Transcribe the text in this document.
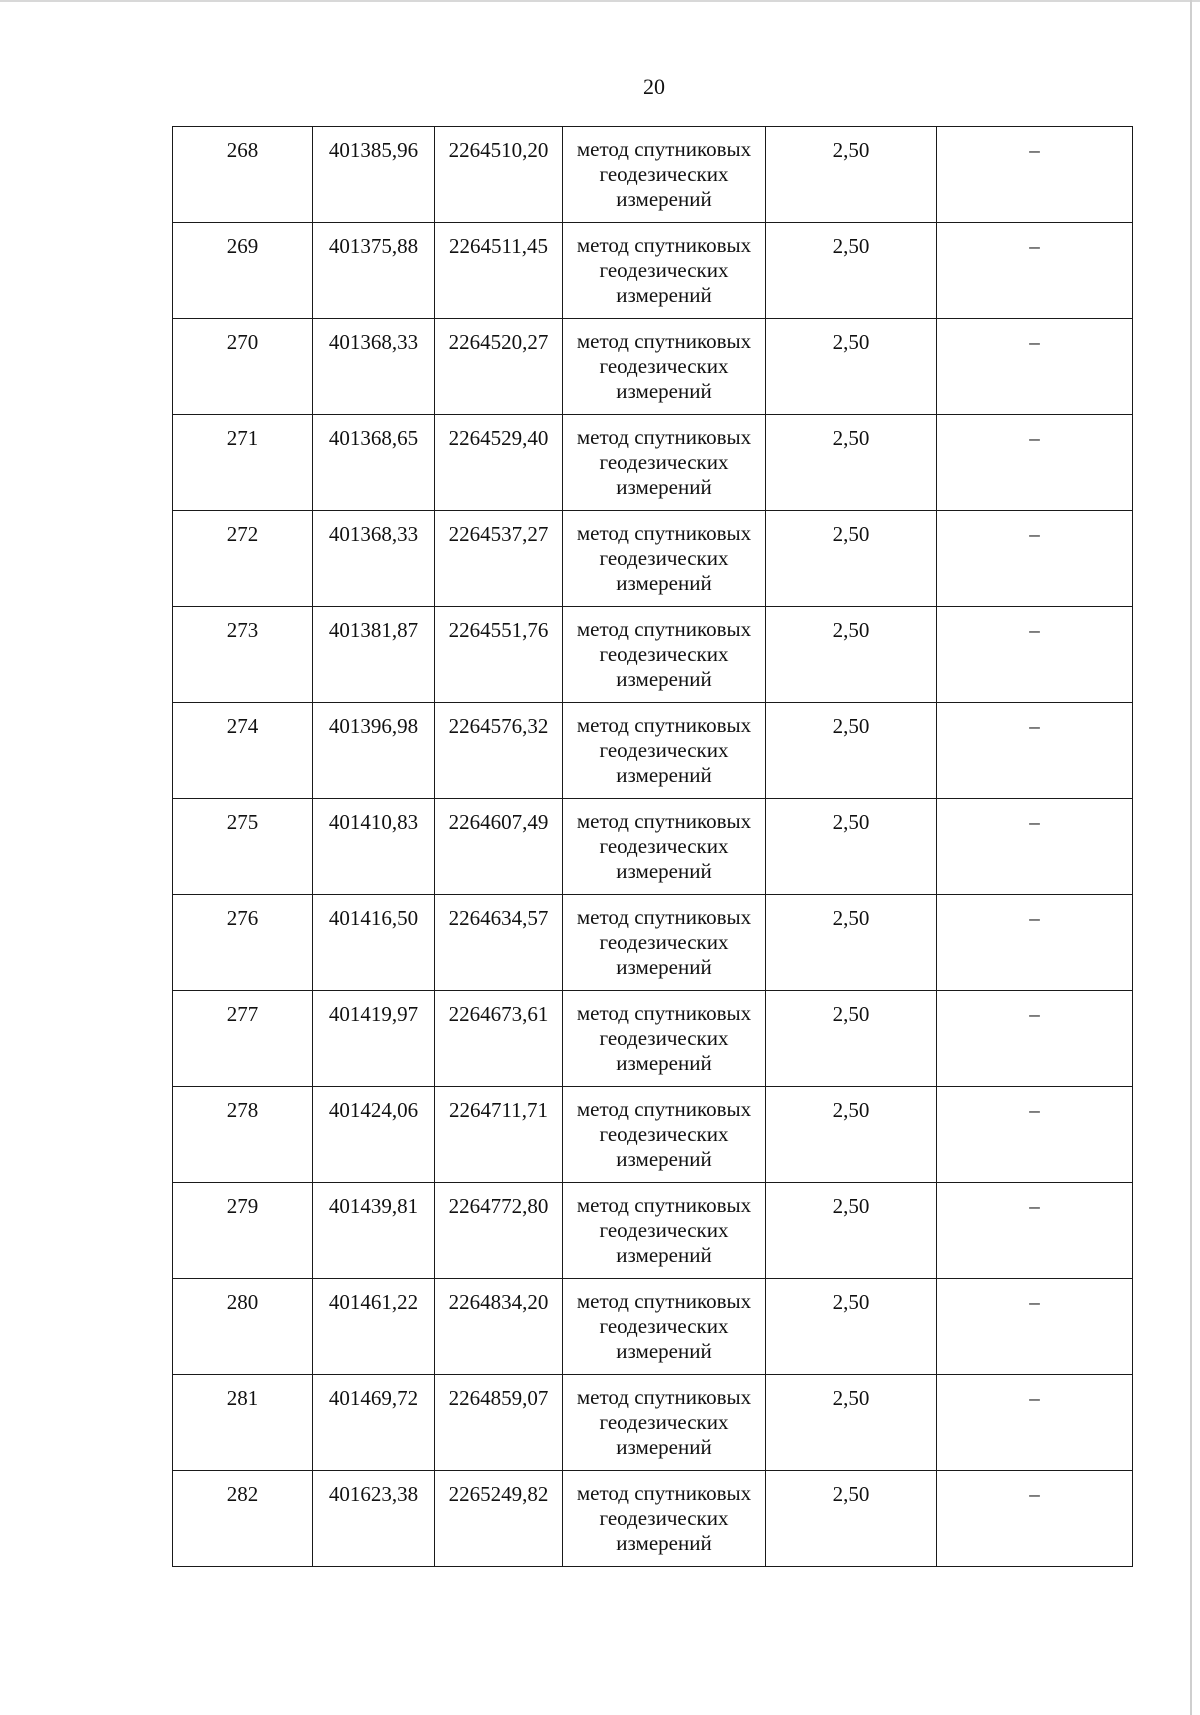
20
268	401385,96	2264510,20	метод спутниковых геодезических измерений	2,50	–
269	401375,88	2264511,45	метод спутниковых геодезических измерений	2,50	–
270	401368,33	2264520,27	метод спутниковых геодезических измерений	2,50	–
271	401368,65	2264529,40	метод спутниковых геодезических измерений	2,50	–
272	401368,33	2264537,27	метод спутниковых геодезических измерений	2,50	–
273	401381,87	2264551,76	метод спутниковых геодезических измерений	2,50	–
274	401396,98	2264576,32	метод спутниковых геодезических измерений	2,50	–
275	401410,83	2264607,49	метод спутниковых геодезических измерений	2,50	–
276	401416,50	2264634,57	метод спутниковых геодезических измерений	2,50	–
277	401419,97	2264673,61	метод спутниковых геодезических измерений	2,50	–
278	401424,06	2264711,71	метод спутниковых геодезических измерений	2,50	–
279	401439,81	2264772,80	метод спутниковых геодезических измерений	2,50	–
280	401461,22	2264834,20	метод спутниковых геодезических измерений	2,50	–
281	401469,72	2264859,07	метод спутниковых геодезических измерений	2,50	–
282	401623,38	2265249,82	метод спутниковых геодезических измерений	2,50	–
